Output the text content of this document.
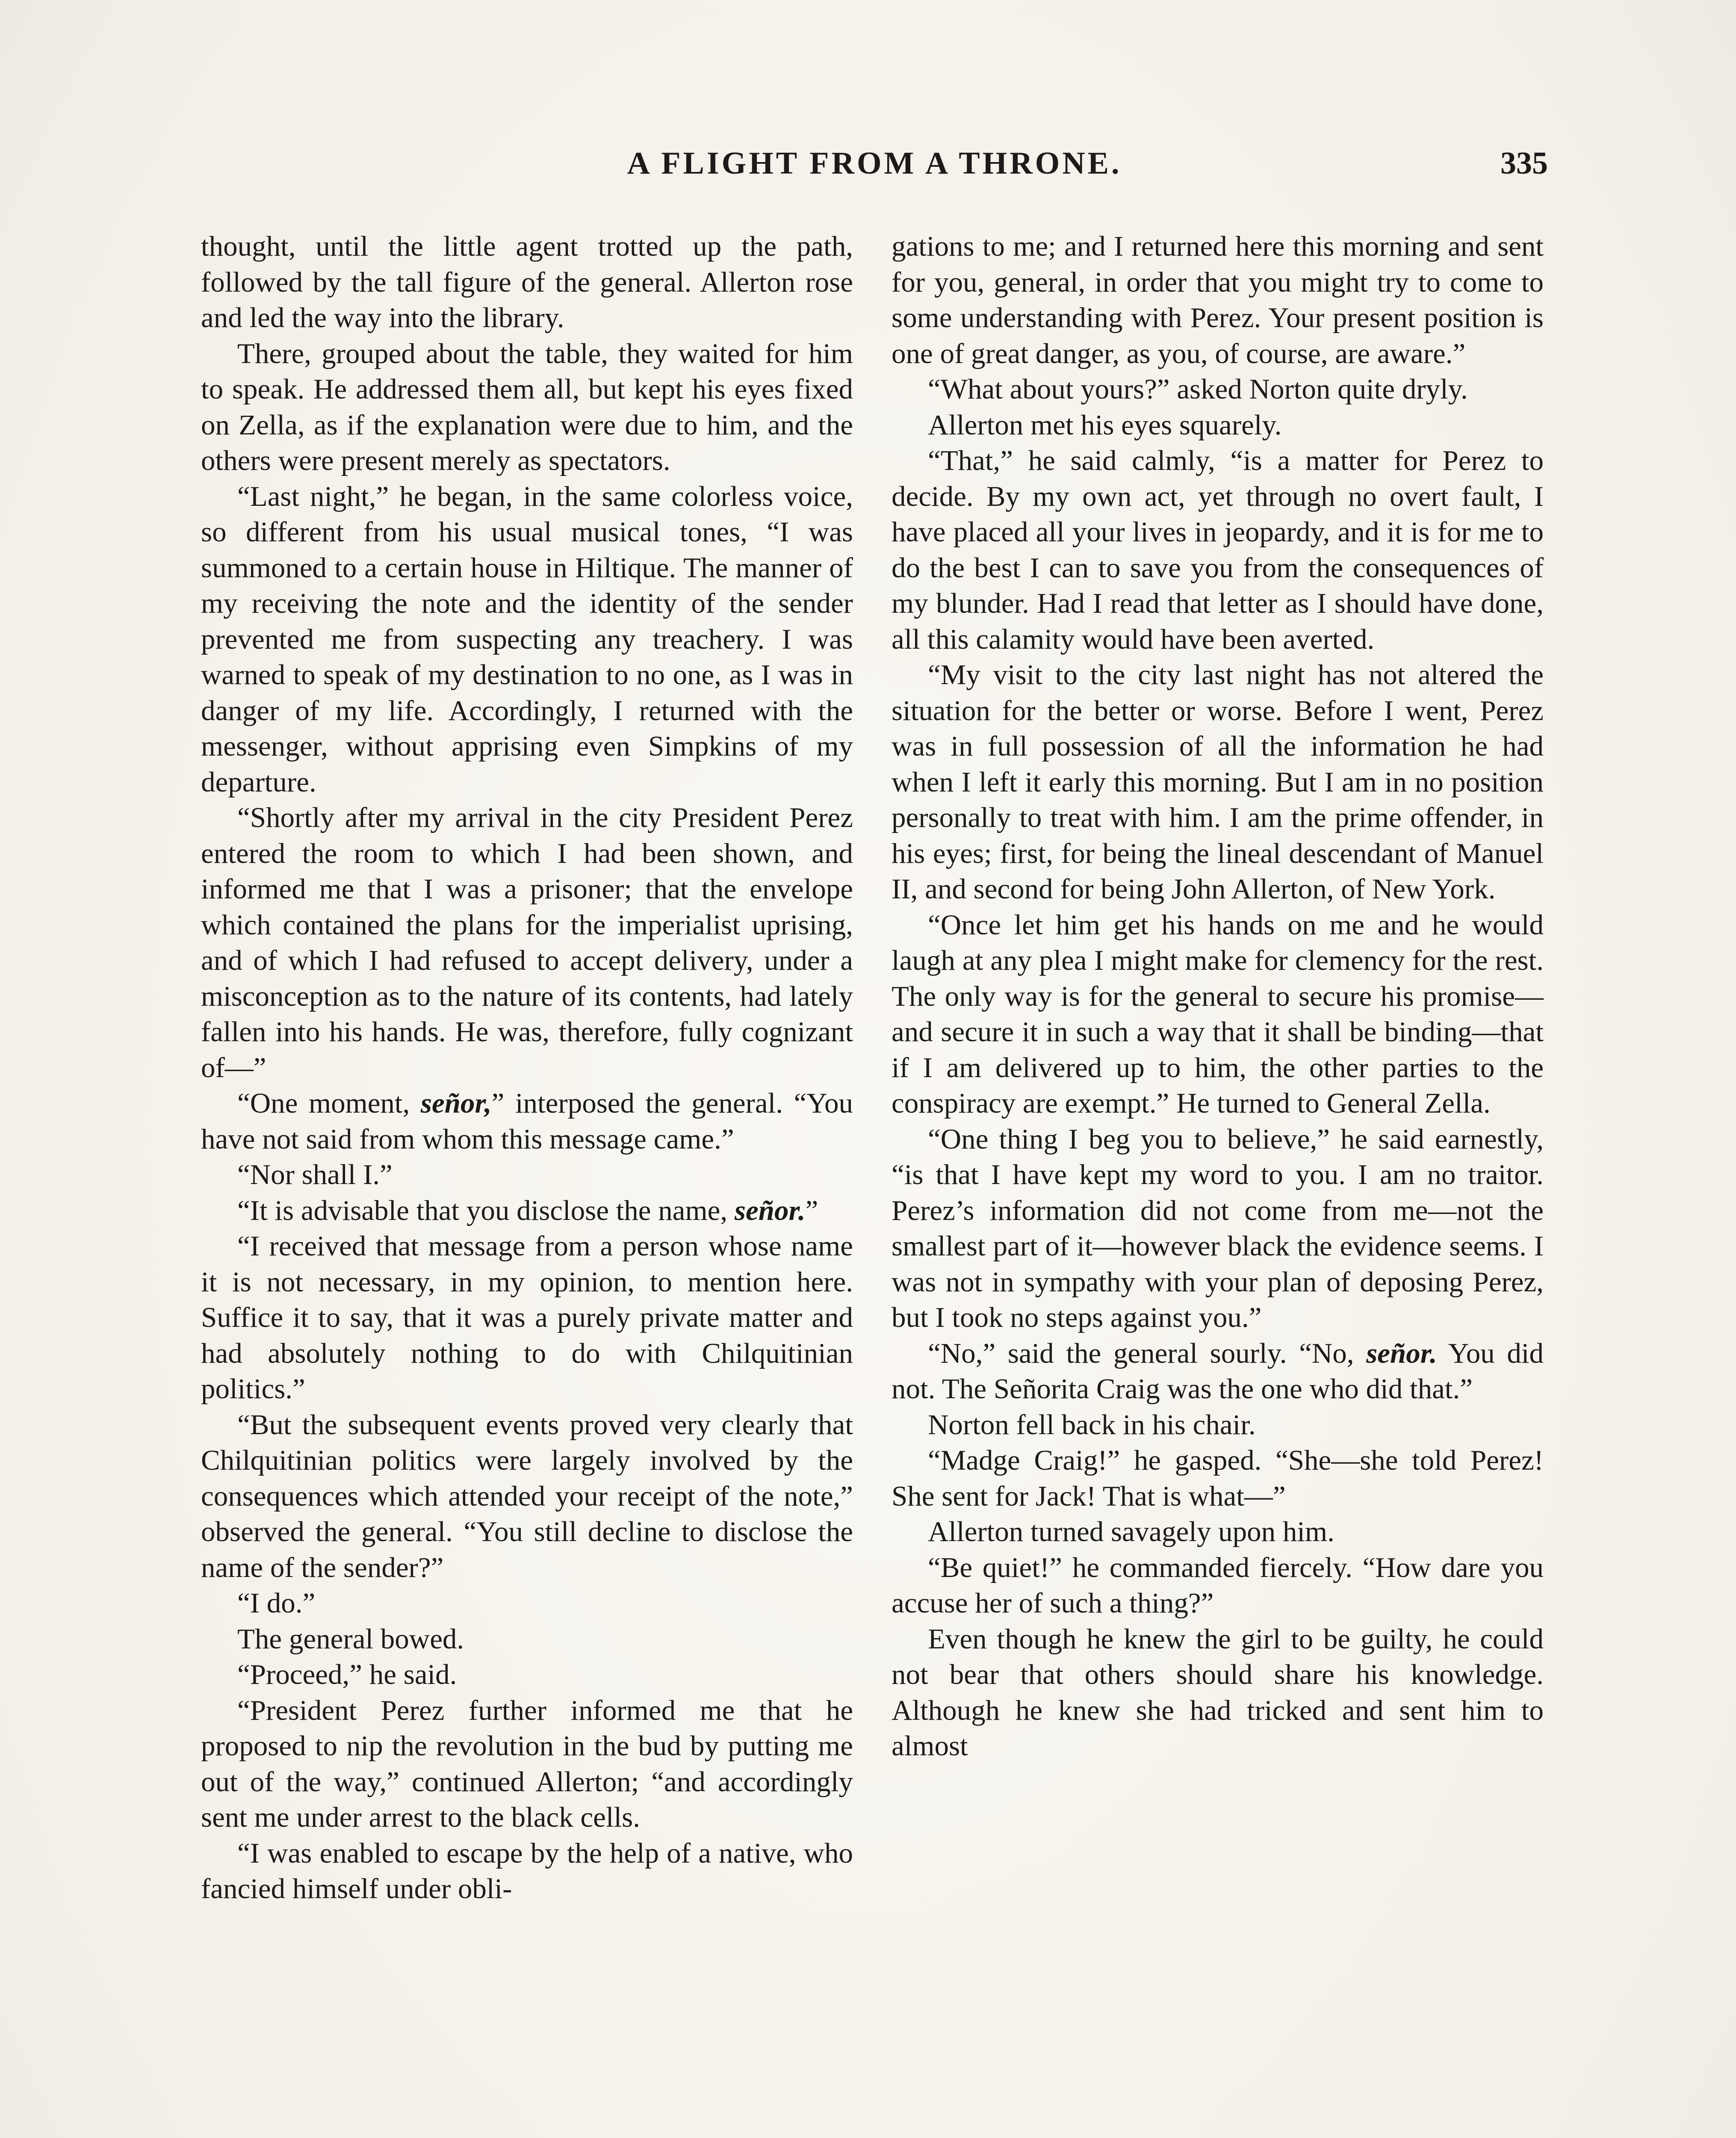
A FLIGHT FROM A THRONE.	335

thought, until the little agent trotted up the path, followed by the tall figure of the general. Allerton rose and led the way into the library.

There, grouped about the table, they waited for him to speak. He addressed them all, but kept his eyes fixed on Zella, as if the explanation were due to him, and the others were present merely as spectators.

“Last night,” he began, in the same colorless voice, so different from his usual musical tones, “I was summoned to a certain house in Hiltique. The manner of my receiving the note and the identity of the sender prevented me from suspecting any treachery. I was warned to speak of my destination to no one, as I was in danger of my life. Accordingly, I returned with the messenger, without apprising even Simpkins of my departure.

“Shortly after my arrival in the city President Perez entered the room to which I had been shown, and informed me that I was a prisoner; that the envelope which contained the plans for the imperialist uprising, and of which I had refused to accept delivery, under a misconception as to the nature of its contents, had lately fallen into his hands. He was, therefore, fully cognizant of—”

“One moment, señor,” interposed the general. “You have not said from whom this message came.”

“Nor shall I.”

“It is advisable that you disclose the name, señor.”

“I received that message from a person whose name it is not necessary, in my opinion, to mention here. Suffice it to say, that it was a purely private matter and had absolutely nothing to do with Chilquitinian politics.”

“But the subsequent events proved very clearly that Chilquitinian politics were largely involved by the consequences which attended your receipt of the note,” observed the general. “You still decline to disclose the name of the sender?”

“I do.”

The general bowed.

“Proceed,” he said.

“President Perez further informed me that he proposed to nip the revolution in the bud by putting me out of the way,” continued Allerton; “and accordingly sent me under arrest to the black cells.

“I was enabled to escape by the help of a native, who fancied himself under obli-

gations to me; and I returned here this morning and sent for you, general, in order that you might try to come to some understanding with Perez. Your present position is one of great danger, as you, of course, are aware.”

“What about yours?” asked Norton quite dryly.

Allerton met his eyes squarely.

“That,” he said calmly, “is a matter for Perez to decide. By my own act, yet through no overt fault, I have placed all your lives in jeopardy, and it is for me to do the best I can to save you from the consequences of my blunder. Had I read that letter as I should have done, all this calamity would have been averted.

“My visit to the city last night has not altered the situation for the better or worse. Before I went, Perez was in full possession of all the information he had when I left it early this morning. But I am in no position personally to treat with him. I am the prime offender, in his eyes; first, for being the lineal descendant of Manuel II, and second for being John Allerton, of New York.

“Once let him get his hands on me and he would laugh at any plea I might make for clemency for the rest. The only way is for the general to secure his promise—and secure it in such a way that it shall be binding—that if I am delivered up to him, the other parties to the conspiracy are exempt.” He turned to General Zella.

“One thing I beg you to believe,” he said earnestly, “is that I have kept my word to you. I am no traitor. Perez’s information did not come from me—not the smallest part of it—however black the evidence seems. I was not in sympathy with your plan of deposing Perez, but I took no steps against you.”

“No,” said the general sourly. “No, señor. You did not. The Señorita Craig was the one who did that.”

Norton fell back in his chair.

“Madge Craig!” he gasped. “She—she told Perez! She sent for Jack! That is what—”

Allerton turned savagely upon him.

“Be quiet!” he commanded fiercely. “How dare you accuse her of such a thing?”

Even though he knew the girl to be guilty, he could not bear that others should share his knowledge. Although he knew she had tricked and sent him to almost
